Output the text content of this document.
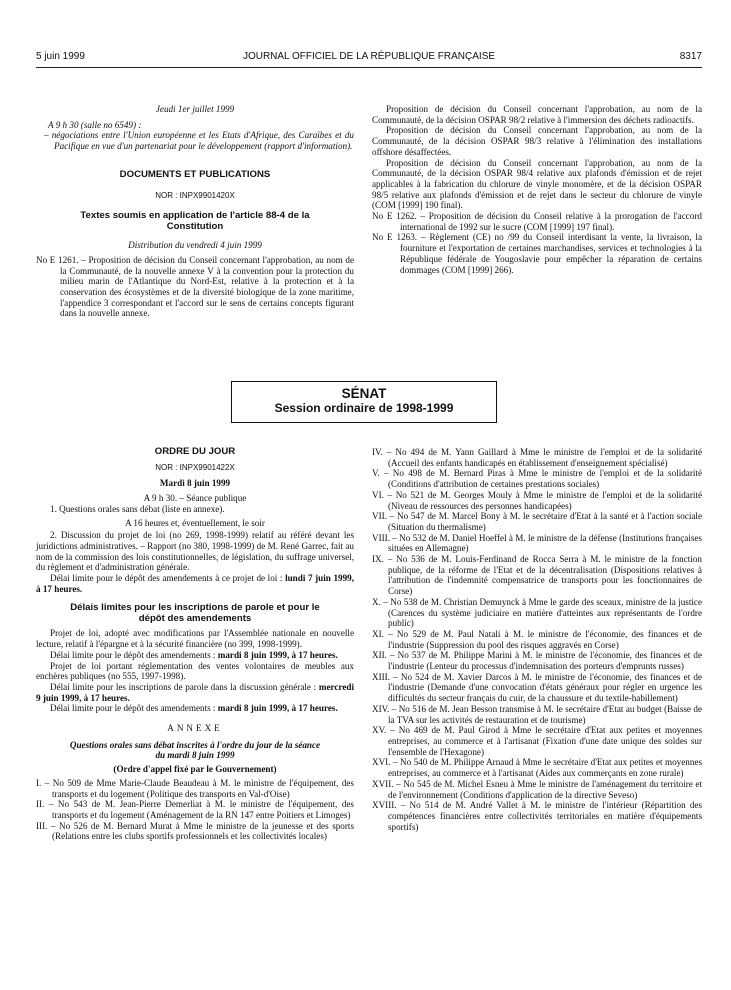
5 juin 1999	JOURNAL OFFICIEL DE LA RÉPUBLIQUE FRANÇAISE	8317

Jeudi 1er juillet 1999

A 9 h 30 (salle no 6549) :

– négociations entre l'Union européenne et les Etats d'Afrique, des Caraïbes et du Pacifique en vue d'un partenariat pour le développement (rapport d'information).

DOCUMENTS ET PUBLICATIONS

NOR : INPX9901420X

Textes soumis en application de l'article 88-4 de la Constitution

Distribution du vendredi 4 juin 1999

No E 1261. – Proposition de décision du Conseil concernant l'approbation, au nom de la Communauté, de la nouvelle annexe V à la convention pour la protection du milieu marin de l'Atlantique du Nord-Est, relative à la protection et à la conservation des écosystèmes et de la diversité biologique de la zone maritime, l'appendice 3 correspondant et l'accord sur le sens de certains concepts figurant dans la nouvelle annexe.

Proposition de décision du Conseil concernant l'approbation, au nom de la Communauté, de la décision OSPAR 98/2 relative à l'immersion des déchets radioactifs.

Proposition de décision du Conseil concernant l'approbation, au nom de la Communauté, de la décision OSPAR 98/3 relative à l'élimination des installations offshore désaffectées.

Proposition de décision du Conseil concernant l'approbation, au nom de la Communauté, de la décision OSPAR 98/4 relative aux plafonds d'émission et de rejet applicables à la fabrication du chlorure de vinyle monomère, et de la décision OSPAR 98/5 relative aux plafonds d'émission et de rejet dans le secteur du chlorure de vinyle (COM [1999] 190 final).

No E 1262. – Proposition de décision du Conseil relative à la prorogation de l'accord international de 1992 sur le sucre (COM [1999] 197 final).

No E 1263. – Règlement (CE) no /99 du Conseil interdisant la vente, la livraison, la fourniture et l'exportation de certaines marchandises, services et technologies à la République fédérale de Yougoslavie pour empêcher la réparation de certains dommages (COM [1999] 266).

SÉNAT
Session ordinaire de 1998-1999

ORDRE DU JOUR

NOR : INPX9901422X

Mardi 8 juin 1999

A 9 h 30. – Séance publique

1. Questions orales sans débat (liste en annexe).

A 16 heures et, éventuellement, le soir

2. Discussion du projet de loi (no 269, 1998-1999) relatif au référé devant les juridictions administratives. – Rapport (no 380, 1998-1999) de M. René Garrec, fait au nom de la commission des lois constitutionnelles, de législation, du suffrage universel, du règlement et d'administration générale.

Délai limite pour le dépôt des amendements à ce projet de loi : lundi 7 juin 1999, à 17 heures.

Délais limites pour les inscriptions de parole et pour le dépôt des amendements

Projet de loi, adopté avec modifications par l'Assemblée nationale en nouvelle lecture, relatif à l'épargne et à la sécurité financière (no 399, 1998-1999).

Délai limite pour le dépôt des amendements : mardi 8 juin 1999, à 17 heures.

Projet de loi portant réglementation des ventes volontaires de meubles aux enchères publiques (no 555, 1997-1998).

Délai limite pour les inscriptions de parole dans la discussion générale : mercredi 9 juin 1999, à 17 heures.

Délai limite pour le dépôt des amendements : mardi 8 juin 1999, à 17 heures.

ANNEXE

Questions orales sans débat inscrites à l'ordre du jour de la séance du mardi 8 juin 1999

(Ordre d'appel fixé par le Gouvernement)

I. – No 509 de Mme Marie-Claude Beaudeau à M. le ministre de l'équipement, des transports et du logement (Politique des transports en Val-d'Oise)

II. – No 543 de M. Jean-Pierre Demerliat à M. le ministre de l'équipement, des transports et du logement (Aménagement de la RN 147 entre Poitiers et Limoges)

III. – No 526 de M. Bernard Murat à Mme le ministre de la jeunesse et des sports (Relations entre les clubs sportifs professionnels et les collectivités locales)

IV. – No 494 de M. Yann Gaillard à Mme le ministre de l'emploi et de la solidarité (Accueil des enfants handicapés en établissement d'enseignement spécialisé)

V. – No 498 de M. Bernard Piras à Mme le ministre de l'emploi et de la solidarité (Conditions d'attribution de certaines prestations sociales)

VI. – No 521 de M. Georges Mouly à Mme le ministre de l'emploi et de la solidarité (Niveau de ressources des personnes handicapées)

VII. – No 547 de M. Marcel Bony à M. le secrétaire d'Etat à la santé et à l'action sociale (Situation du thermalisme)

VIII. – No 532 de M. Daniel Hoeffel à M. le ministre de la défense (Institutions françaises situées en Allemagne)

IX. – No 536 de M. Louis-Ferdinand de Rocca Serra à M. le ministre de la fonction publique, de la réforme de l'Etat et de la décentralisation (Dispositions relatives à l'attribution de l'indemnité compensatrice de transports pour les fonctionnaires de Corse)

X. – No 538 de M. Christian Demuynck à Mme le garde des sceaux, ministre de la justice (Carences du système judiciaire en matière d'atteintes aux représentants de l'ordre public)

XI. – No 529 de M. Paul Natali à M. le ministre de l'économie, des finances et de l'industrie (Suppression du pool des risques aggravés en Corse)

XII. – No 537 de M. Philippe Marini à M. le ministre de l'économie, des finances et de l'industrie (Lenteur du processus d'indemnisation des porteurs d'emprunts russes)

XIII. – No 524 de M. Xavier Darcos à M. le ministre de l'économie, des finances et de l'industrie (Demande d'une convocation d'états généraux pour régler en urgence les difficultés du secteur français du cuir, de la chaussure et du textile-habillement)

XIV. – No 516 de M. Jean Besson transmise à M. le secrétaire d'Etat au budget (Baisse de la TVA sur les activités de restauration et de tourisme)

XV. – No 469 de M. Paul Girod à Mme le secrétaire d'Etat aux petites et moyennes entreprises, au commerce et à l'artisanat (Fixation d'une date unique des soldes sur l'ensemble de l'Hexagone)

XVI. – No 540 de M. Philippe Arnaud à Mme le secrétaire d'Etat aux petites et moyennes entreprises, au commerce et à l'artisanat (Aides aux commerçants en zone rurale)

XVII. – No 545 de M. Michel Esneu à Mme le ministre de l'aménagement du territoire et de l'environnement (Conditions d'application de la directive Seveso)

XVIII. – No 514 de M. André Vallet à M. le ministre de l'intérieur (Répartition des compétences financières entre collectivités territoriales en matière d'équipements sportifs)
